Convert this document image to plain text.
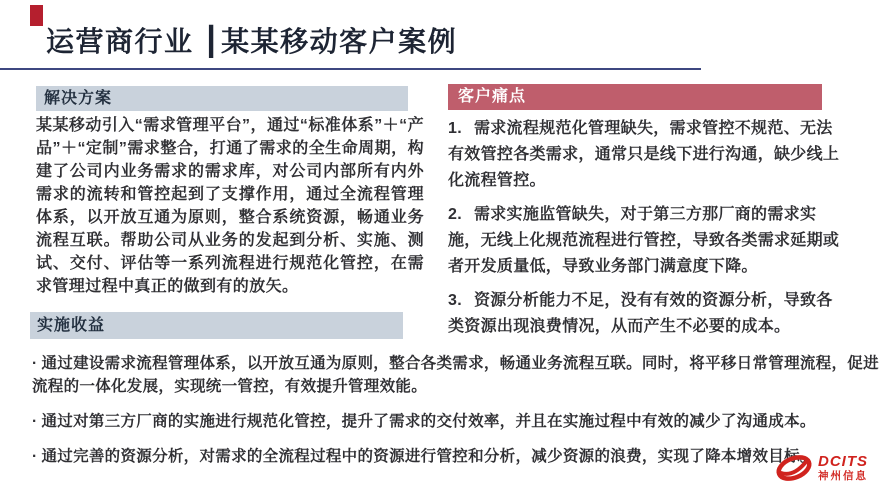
运营商行业 ┃某某移动客户案例
解决方案
某某移动引入“需求管理平台”，通过“标准体系”＋“产品”＋“定制”需求整合，打通了需求的全生命周期，构建了公司内业务需求的需求库，对公司内部所有内外需求的流转和管控起到了支撑作用，通过全流程管理体系，以开放互通为原则，整合系统资源，畅通业务流程互联。帮助公司从业务的发起到分析、实施、测试、交付、评估等一系列流程进行规范化管控，在需求管理过程中真正的做到有的放矢。
客户痛点

1. 需求流程规范化管理缺失，需求管控不规范、无法有效管控各类需求，通常只是线下进行沟通，缺少线上化流程管控。

2. 需求实施监管缺失，对于第三方那厂商的需求实施，无线上化规范流程进行管控，导致各类需求延期或者开发质量低，导致业务部门满意度下降。

3. 资源分析能力不足，没有有效的资源分析，导致各类资源出现浪费情况，从而产生不必要的成本。

实施收益

· 通过建设需求流程管理体系，以开放互通为原则，整合各类需求，畅通业务流程互联。同时，将平移日常管理流程，促进流程的一体化发展，实现统一管控，有效提升管理效能。

· 通过对第三方厂商的实施进行规范化管控，提升了需求的交付效率，并且在实施过程中有效的减少了沟通成本。

· 通过完善的资源分析，对需求的全流程过程中的资源进行管控和分析，减少资源的浪费，实现了降本增效目标。 DCITS
神州信息
